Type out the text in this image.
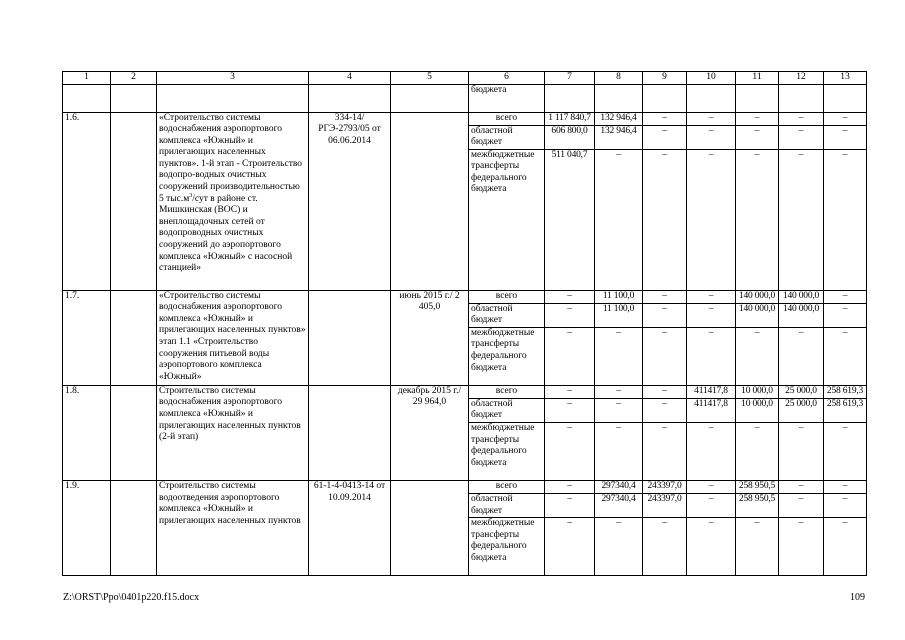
1	2	3	4	5	6	7	8	9	10	11	12	13
					бюджета							
1.6.		«Строительство системы водоснабжения аэропортового комплекса «Южный» и прилегающих населенных пунктов». 1-й этап - Строительство водопро-водных очистных сооружений производительностью 5 $тыс.м^3$/сут в районе ст. Мишкинская (ВОС) и внеплощадочных сетей от водопроводных очистных сооружений до аэропортового комплекса «Южный» с насосной станцией»	334-14/РГЭ-2793/05 от 06.06.2014		всего	1 117 840,7	132 946,4	–	–	–	–	–
					областной бюджет	606 800,0	132 946,4	–	–	–	–	–
					межбюджетные трансферты федерального бюджета	511 040,7	–	–	–	–	–	–
1.7.		«Строительство системы водоснабжения аэропортового комплекса «Южный» и прилегающих населенных пунктов» этап 1.1 «Строительство сооружения питьевой воды аэропортового комплекса «Южный»		июнь 2015 г./ 2 405,0	всего	–	11 100,0	–	–	140 000,0	140 000,0	–
					областной бюджет	–	11 100,0	–	–	140 000,0	140 000,0	–
					межбюджетные трансферты федерального бюджета	–	–	–	–	–	–	–
1.8.		Строительство системы водоснабжения аэропортового комплекса «Южный» и прилегающих населенных пунктов (2-й этап)		декабрь 2015 г./ 29 964,0	всего	–	–	–	411417,8	10 000,0	25 000,0	258 619,3
					областной бюджет	–	–	–	411417,8	10 000,0	25 000,0	258 619,3
					межбюджетные трансферты федерального бюджета	–	–	–	–	–	–	–
1.9.		Строительство системы водоотведения аэропортового комплекса «Южный» и прилегающих населенных пунктов	61-1-4-0413-14 от 10.09.2014		всего	–	297340,4	243397,0	–	258 950,5	–	–
					областной бюджет	–	297340,4	243397,0	–	258 950,5	–	–
					межбюджетные трансферты федерального бюджета	–	–	–	–	–	–	–
Z:\ORST\Ppo\0401p220.f15.docx	109
